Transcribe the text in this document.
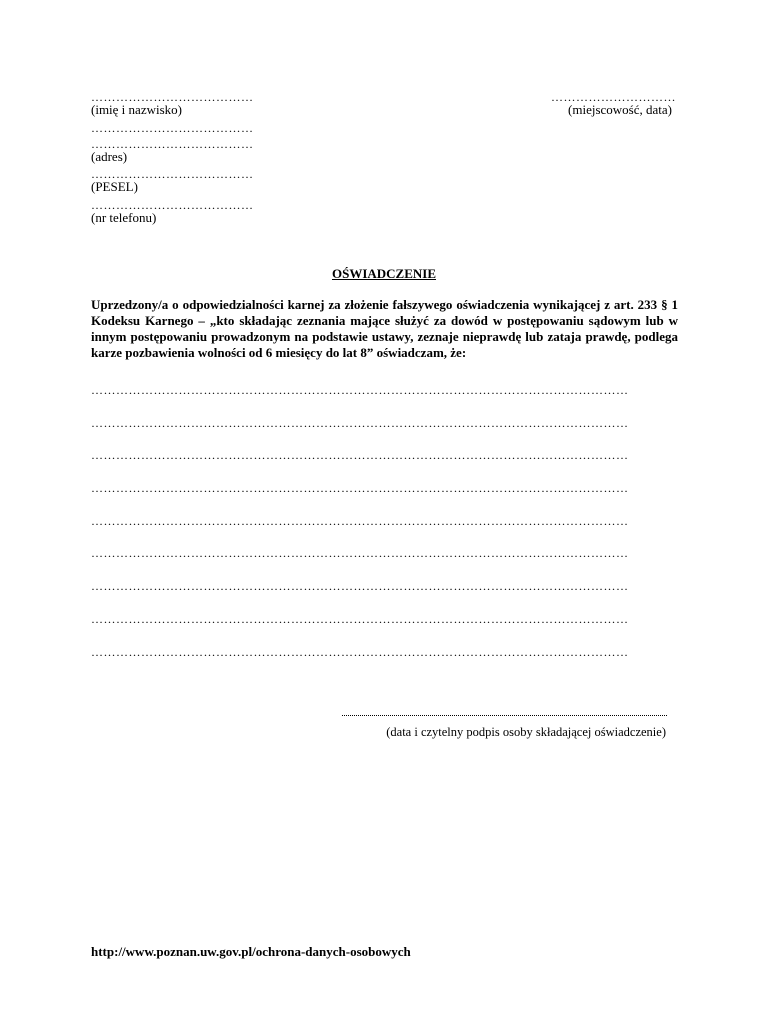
…………………………………
(imię i nazwisko)
…………………………………
…………………………………
(adres)
…………………………………
(PESEL)
…………………………………
(nr telefonu)
…………………………
(miejscowość, data)
OŚWIADCZENIE
Uprzedzony/a o odpowiedzialności karnej za złożenie fałszywego oświadczenia wynikającej z art. 233 § 1 Kodeksu Karnego – „kto składając zeznania mające służyć za dowód w postępowaniu sądowym lub w innym postępowaniu prowadzonym na podstawie ustawy, zeznaje nieprawdę lub zataja prawdę, podlega karze pozbawienia wolności od 6 miesięcy do lat 8” oświadczam, że:
…………………………………………………………………………………………………………………
…………………………………………………………………………………………………………………
…………………………………………………………………………………………………………………
…………………………………………………………………………………………………………………
…………………………………………………………………………………………………………………
…………………………………………………………………………………………………………………
…………………………………………………………………………………………………………………
…………………………………………………………………………………………………………………
…………………………………………………………………………………………………………………
(data i czytelny podpis osoby składającej oświadczenie)
http://www.poznan.uw.gov.pl/ochrona-danych-osobowych
